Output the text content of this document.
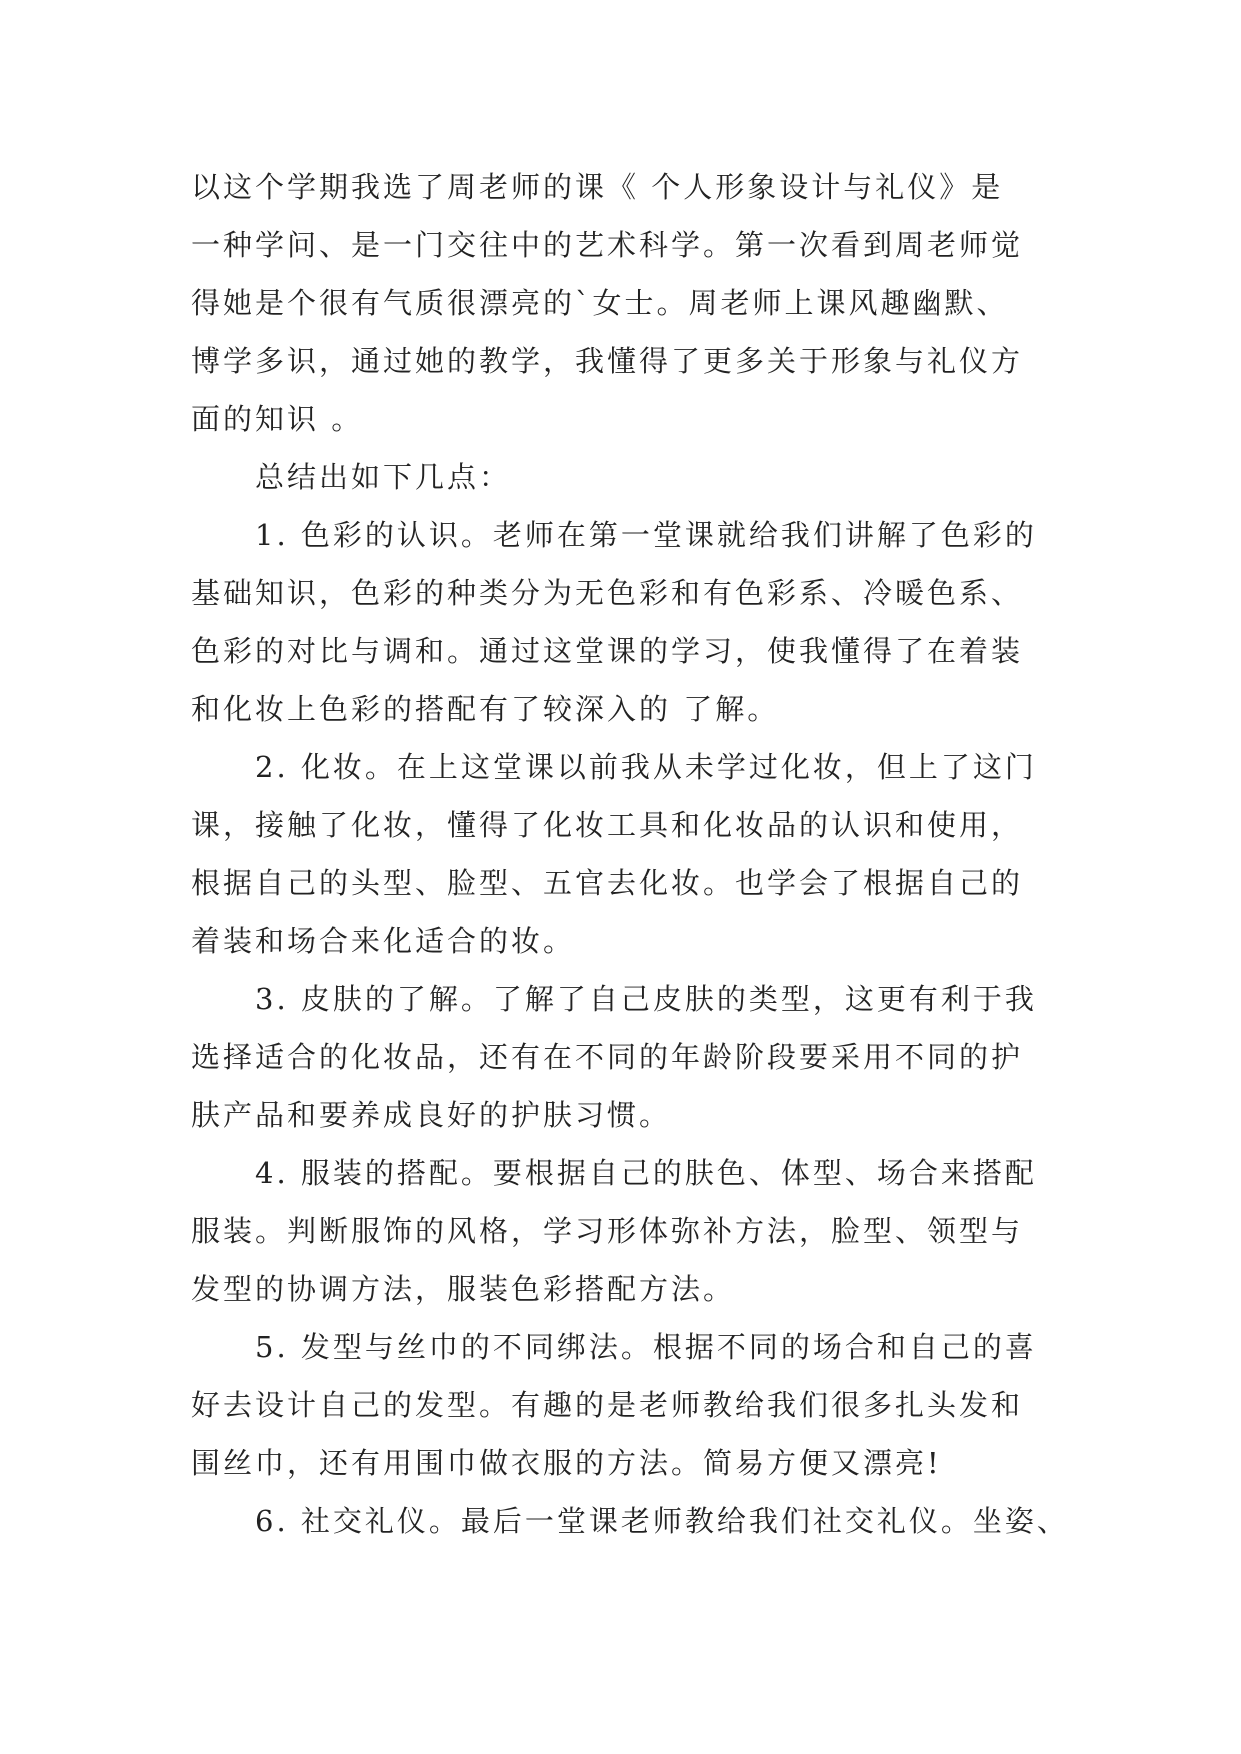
以这个学期我选了周老师的课《 个人形象设计与礼仪》是
一种学问、是一门交往中的艺术科学。第一次看到周老师觉
得她是个很有气质很漂亮的`女士。周老师上课风趣幽默、
博学多识，通过她的教学，我懂得了更多关于形象与礼仪方
面的知识 。
总结出如下几点：
1. 色彩的认识。老师在第一堂课就给我们讲解了色彩的
基础知识，色彩的种类分为无色彩和有色彩系、冷暖色系、
色彩的对比与调和。通过这堂课的学习，使我懂得了在着装
和化妆上色彩的搭配有了较深入的 了解。
2. 化妆。在上这堂课以前我从未学过化妆，但上了这门
课，接触了化妆，懂得了化妆工具和化妆品的认识和使用，
根据自己的头型、脸型、五官去化妆。也学会了根据自己的
着装和场合来化适合的妆。
3. 皮肤的了解。了解了自己皮肤的类型，这更有利于我
选择适合的化妆品，还有在不同的年龄阶段要采用不同的护
肤产品和要养成良好的护肤习惯。
4. 服装的搭配。要根据自己的肤色、体型、场合来搭配
服装。判断服饰的风格，学习形体弥补方法，脸型、领型与
发型的协调方法，服装色彩搭配方法。
5. 发型与丝巾的不同绑法。根据不同的场合和自己的喜
好去设计自己的发型。有趣的是老师教给我们很多扎头发和
围丝巾，还有用围巾做衣服的方法。简易方便又漂亮!
6. 社交礼仪。最后一堂课老师教给我们社交礼仪。坐姿、
